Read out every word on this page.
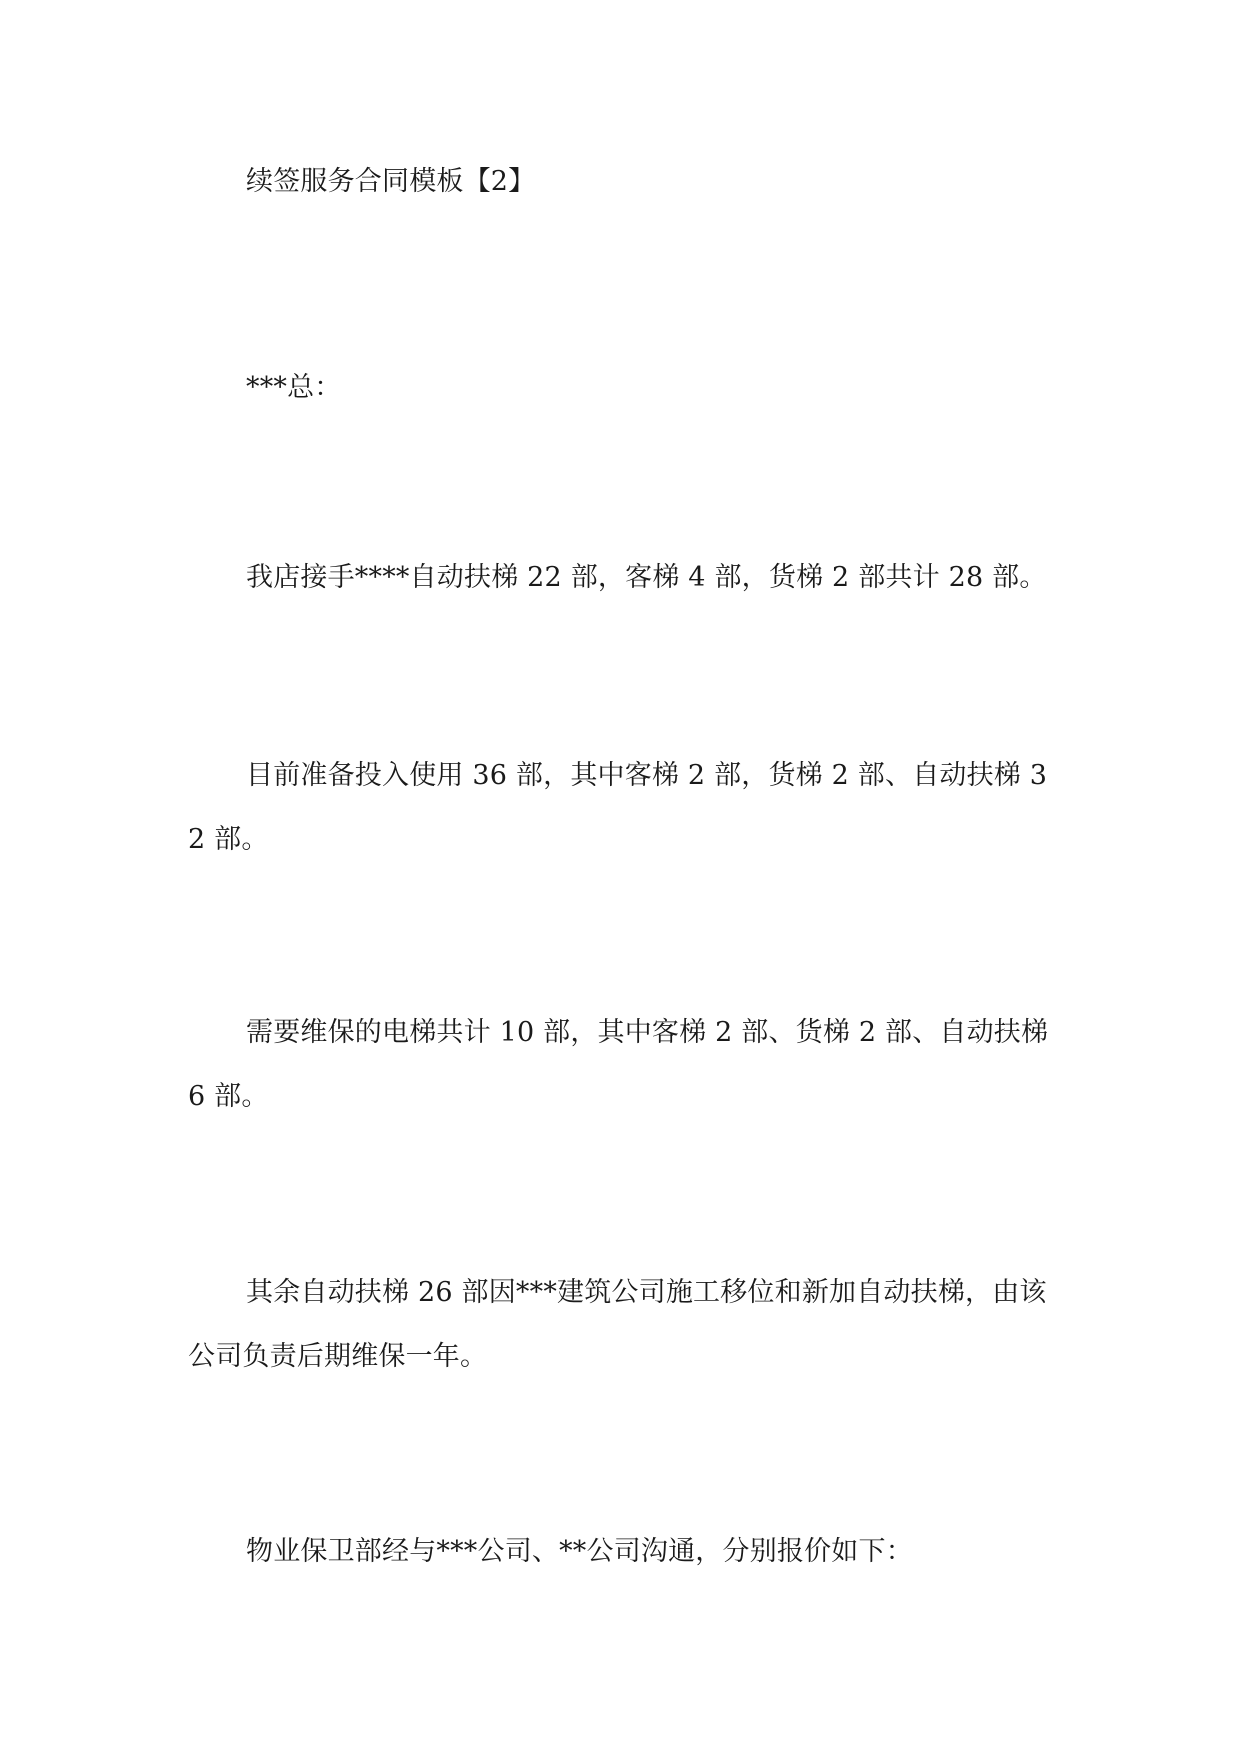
续签服务合同模板【2】

***总：

我店接手****自动扶梯 22 部，客梯 4 部，货梯 2 部共计 28 部。

目前准备投入使用 36 部，其中客梯 2 部，货梯 2 部、自动扶梯 32 部。

需要维保的电梯共计 10 部，其中客梯 2 部、货梯 2 部、自动扶梯 6 部。

其余自动扶梯 26 部因***建筑公司施工移位和新加自动扶梯，由该公司负责后期维保一年。

物业保卫部经与***公司、**公司沟通，分别报价如下：
